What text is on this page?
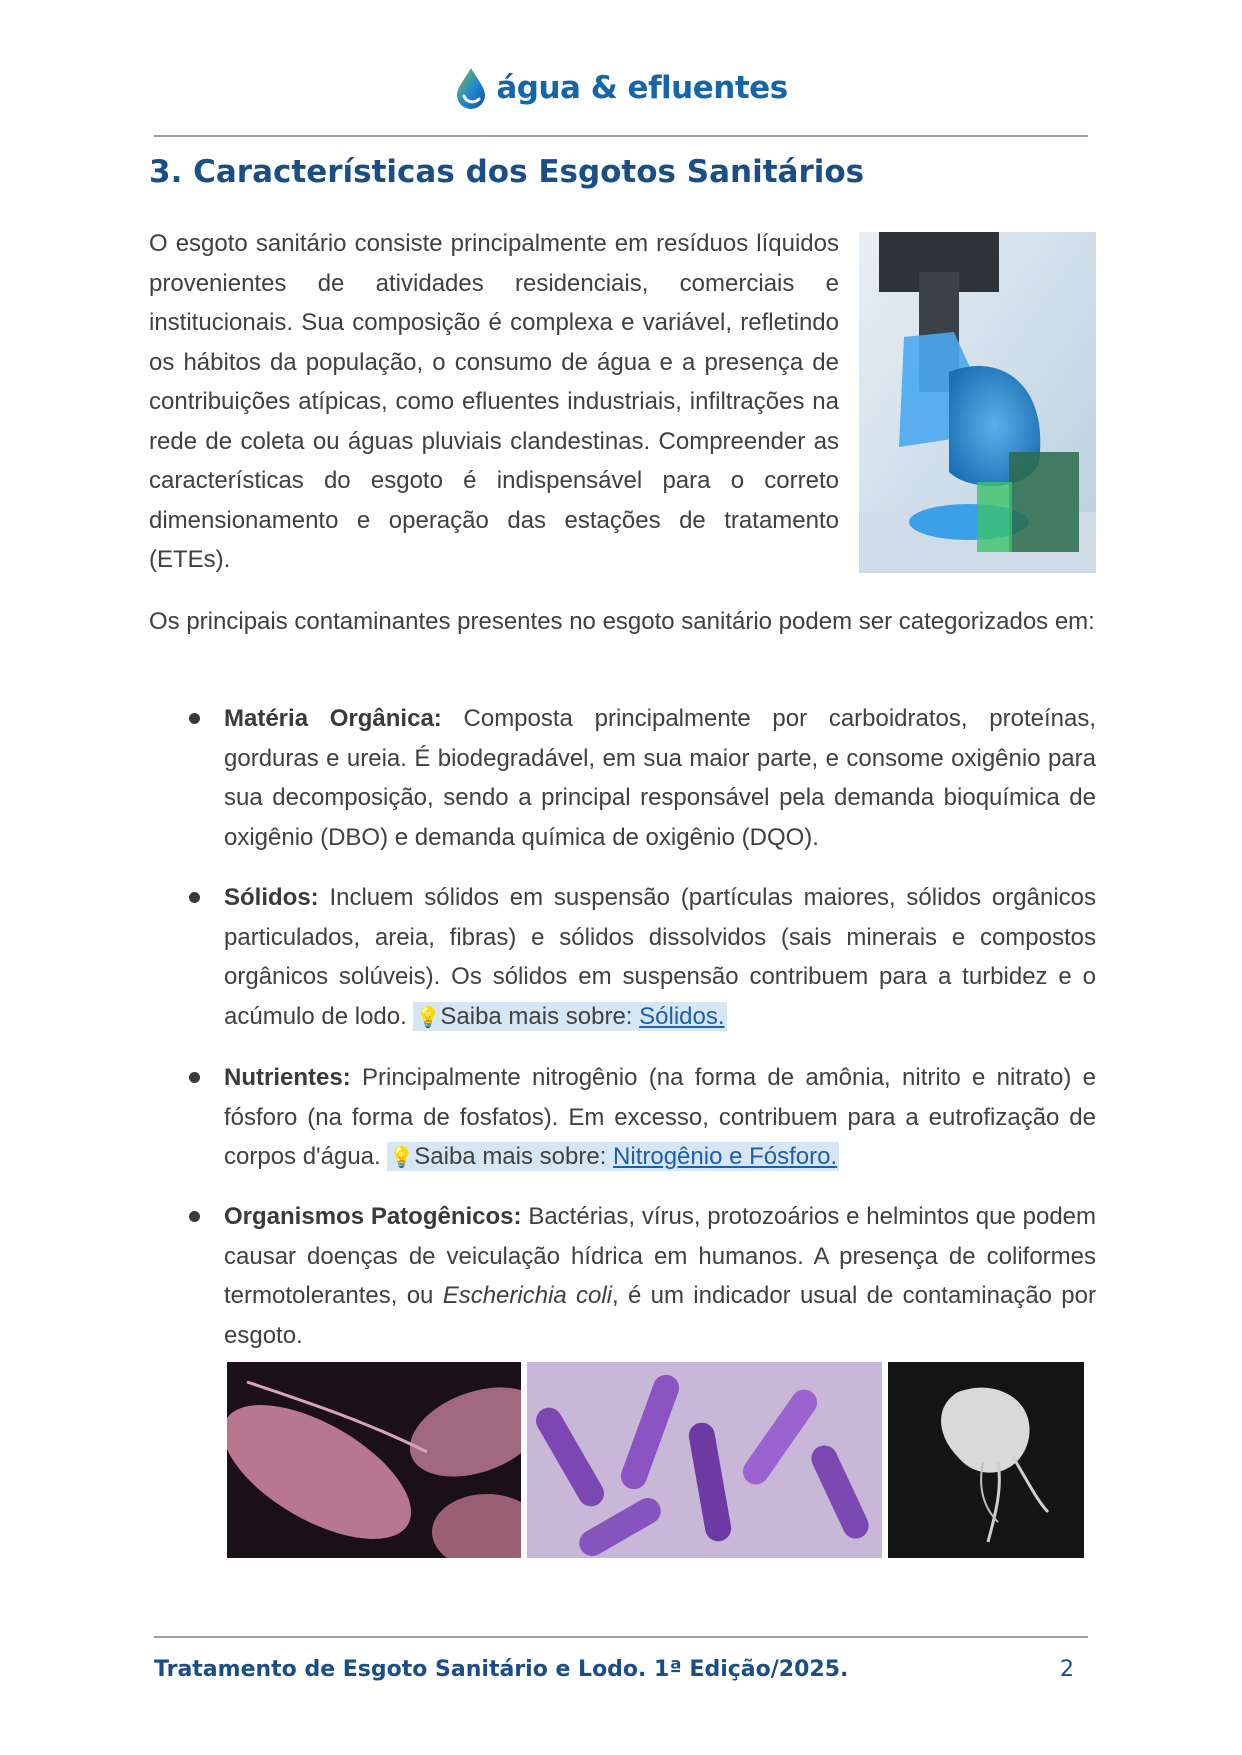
água & efluentes
3. Características dos Esgotos Sanitários

O esgoto sanitário consiste principalmente em resíduos líquidos provenientes de atividades residenciais, comerciais e institucionais. Sua composição é complexa e variável, refletindo os hábitos da população, o consumo de água e a presença de contribuições atípicas, como efluentes industriais, infiltrações na rede de coleta ou águas pluviais clandestinas. Compreender as características do esgoto é indispensável para o correto dimensionamento e operação das estações de tratamento (ETEs).

Os principais contaminantes presentes no esgoto sanitário podem ser categorizados em:

Matéria Orgânica: Composta principalmente por carboidratos, proteínas, gorduras e ureia. É biodegradável, em sua maior parte, e consome oxigênio para sua decomposição, sendo a principal responsável pela demanda bioquímica de oxigênio (DBO) e demanda química de oxigênio (DQO).
Sólidos: Incluem sólidos em suspensão (partículas maiores, sólidos orgânicos particulados, areia, fibras) e sólidos dissolvidos (sais minerais e compostos orgânicos solúveis). Os sólidos em suspensão contribuem para a turbidez e o acúmulo de lodo. 💡Saiba mais sobre: Sólidos.
Nutrientes: Principalmente nitrogênio (na forma de amônia, nitrito e nitrato) e fósforo (na forma de fosfatos). Em excesso, contribuem para a eutrofização de corpos d'água. 💡Saiba mais sobre: Nitrogênio e Fósforo.
Organismos Patogênicos: Bactérias, vírus, protozoários e helmintos que podem causar doenças de veiculação hídrica em humanos. A presença de coliformes termotolerantes, ou Escherichia coli, é um indicador usual de contaminação por esgoto.

Tratamento de Esgoto Sanitário e Lodo. 1ª Edição/2025.	2
